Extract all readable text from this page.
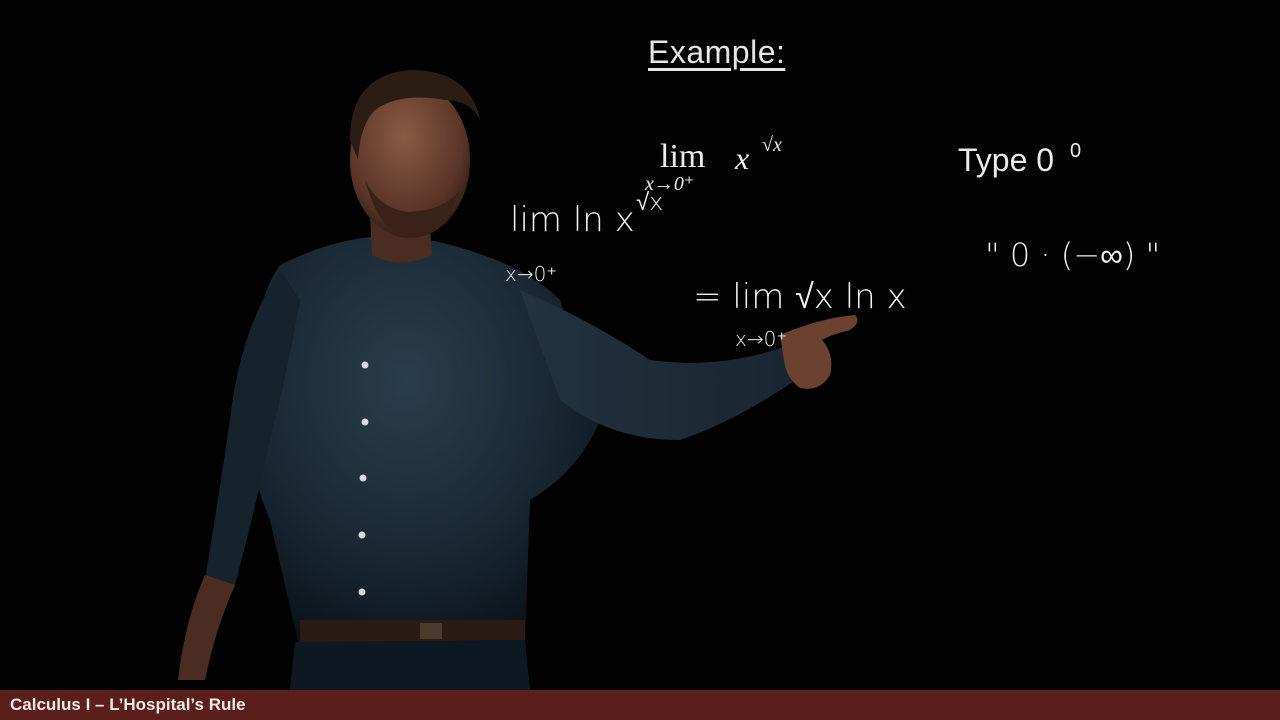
Example:
lim
x→0⁺
x √x	Type 0 0
lim ln x √x
x→0⁺	" 0 · (−∞) "
= lim √x ln x
x→0⁺
Calculus I – L’Hospital’s Rule
